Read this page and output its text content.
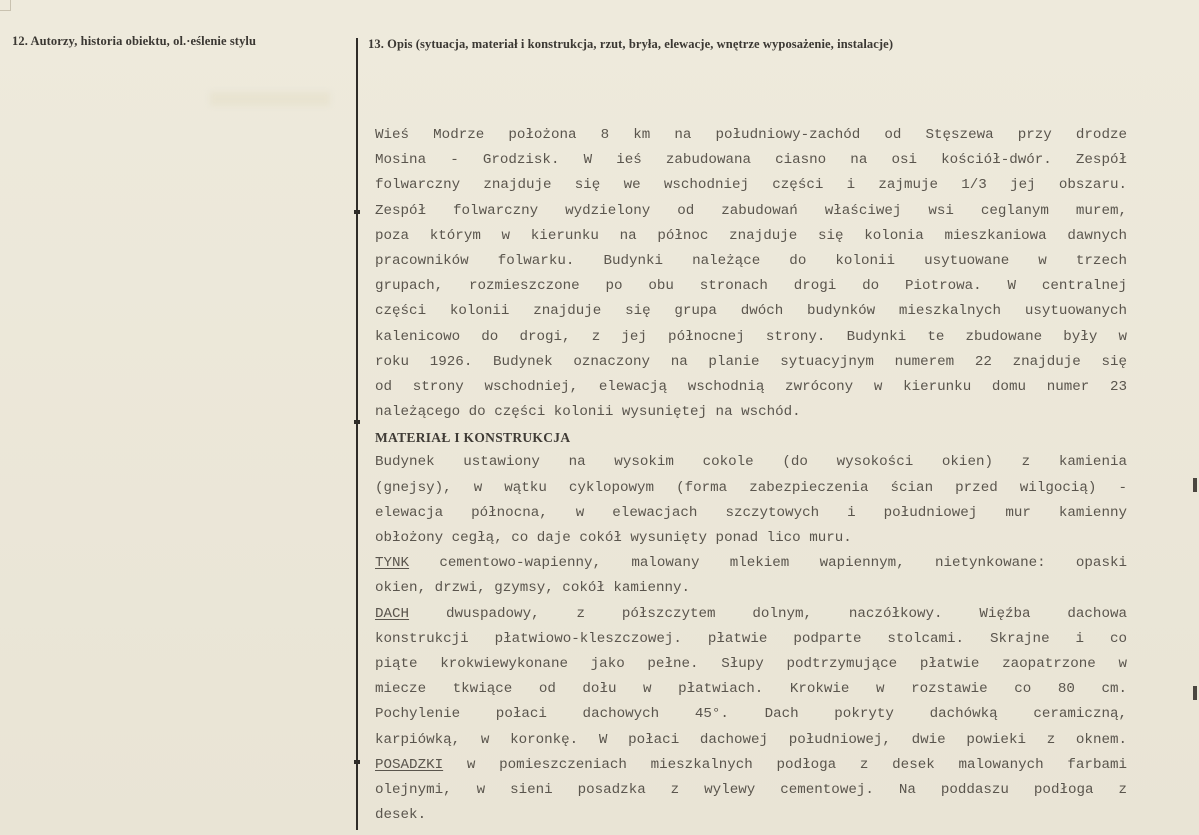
12. Autorzy, historia obiektu, ol.·eślenie stylu	13. Opis (sytuacja, materiał i konstrukcja, rzut, bryła, elewacje, wnętrze wyposażenie, instalacje)
Wieś Modrze położona 8 km na południowy-zachód od Stęszewa przy drodze
Mosina - Grodzisk. W ieś zabudowana ciasno na osi kościół-dwór. Zespół
folwarczny znajduje się we wschodniej części i zajmuje 1/3 jej obszaru.
Zespół folwarczny wydzielony od zabudowań właściwej wsi ceglanym murem,
poza którym w kierunku na północ znajduje się kolonia mieszkaniowa dawnych
pracowników folwarku. Budynki należące do kolonii usytuowane w trzech
grupach, rozmieszczone po obu stronach drogi do Piotrowa. W centralnej
części kolonii znajduje się grupa dwóch budynków mieszkalnych usytuowanych
kalenicowo do drogi, z jej północnej strony. Budynki te zbudowane były w
roku 1926. Budynek oznaczony na planie sytuacyjnym numerem 22 znajduje się
od strony wschodniej, elewacją wschodnią zwrócony w kierunku domu numer 23
należącego do części kolonii wysuniętej na wschód.
MATERIAŁ I KONSTRUKCJA
Budynek ustawiony na wysokim cokole (do wysokości okien) z kamienia
(gnejsy), w wątku cyklopowym (forma zabezpieczenia ścian przed wilgocią) -
elewacja północna, w elewacjach szczytowych i południowej mur kamienny
obłożony cegłą, co daje cokół wysunięty ponad lico muru.
TYNK cementowo-wapienny, malowany mlekiem wapiennym, nietynkowane: opaski
okien, drzwi, gzymsy, cokół kamienny.
DACH dwuspadowy, z półszczytem dolnym, naczółkowy. Więźba dachowa
konstrukcji płatwiowo-kleszczowej. płatwie podparte stolcami. Skrajne i co
piąte krokwiewykonane jako pełne. Słupy podtrzymujące płatwie zaopatrzone w
miecze tkwiące od dołu w płatwiach. Krokwie w rozstawie co 80 cm.
Pochylenie połaci dachowych 45°. Dach pokryty dachówką ceramiczną,
karpiówką, w koronkę. W połaci dachowej południowej, dwie powieki z oknem.
POSADZKI w pomieszczeniach mieszkalnych podłoga z desek malowanych farbami
olejnymi, w sieni posadzka z wylewy cementowej. Na poddaszu podłoga z
desek.
